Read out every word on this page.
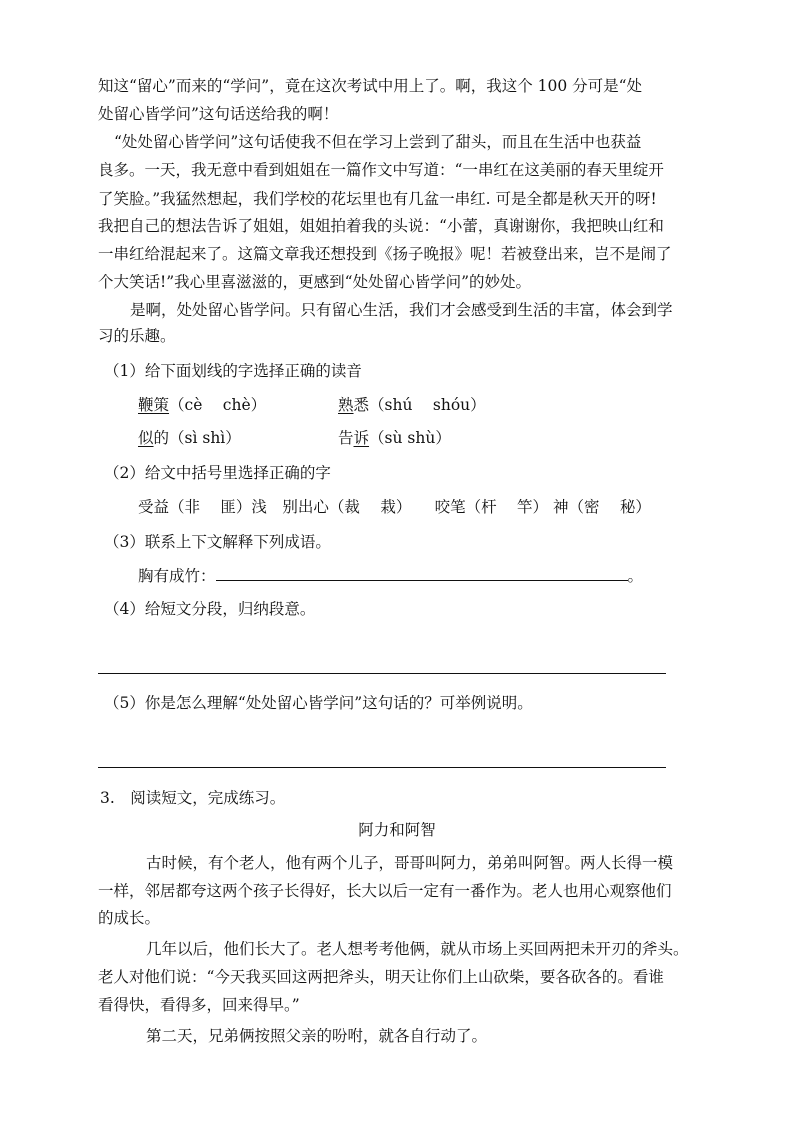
知这“留心”而来的“学问”，竟在这次考试中用上了。啊，我这个 100 分可是“处
处留心皆学问”这句话送给我的啊！
“处处留心皆学问”这句话使我不但在学习上尝到了甜头，而且在生活中也获益
良多。一天，我无意中看到姐姐在一篇作文中写道：“一串红在这美丽的春天里绽开
了笑脸。”我猛然想起，我们学校的花坛里也有几盆一串红. 可是全都是秋天开的呀!
我把自己的想法告诉了姐姐，姐姐拍着我的头说：“小蕾，真谢谢你，我把映山红和
一串红给混起来了。这篇文章我还想投到《扬子晚报》呢！若被登出来，岂不是闹了
个大笑话!”我心里喜滋滋的，更感到“处处留心皆学问”的妙处。
是啊，处处留心皆学问。只有留心生活，我们才会感受到生活的丰富，体会到学
习的乐趣。
（1）给下面划线的字选择正确的读音
鞭策（cè　 chè）	熟悉（shú　 shóu）
似的（sì shì）	告诉（sù shù）
（2）给文中括号里选择正确的字
受益（非　 匪）浅　别出心（裁　 栽）　　咬笔（杆　 竿） 神（密　 秘）
（3）联系上下文解释下列成语。
胸有成竹：	。
（4）给短文分段，归纳段意。
（5）你是怎么理解“处处留心皆学问”这句话的？可举例说明。
3.　阅读短文，完成练习。
阿力和阿智
古时候，有个老人，他有两个儿子，哥哥叫阿力，弟弟叫阿智。两人长得一模
一样，邻居都夸这两个孩子长得好，长大以后一定有一番作为。老人也用心观察他们
的成长。
几年以后，他们长大了。老人想考考他俩，就从市场上买回两把未开刃的斧头。
老人对他们说：“今天我买回这两把斧头，明天让你们上山砍柴，要各砍各的。看谁
看得快，看得多，回来得早。”
第二天，兄弟俩按照父亲的吩咐，就各自行动了。
